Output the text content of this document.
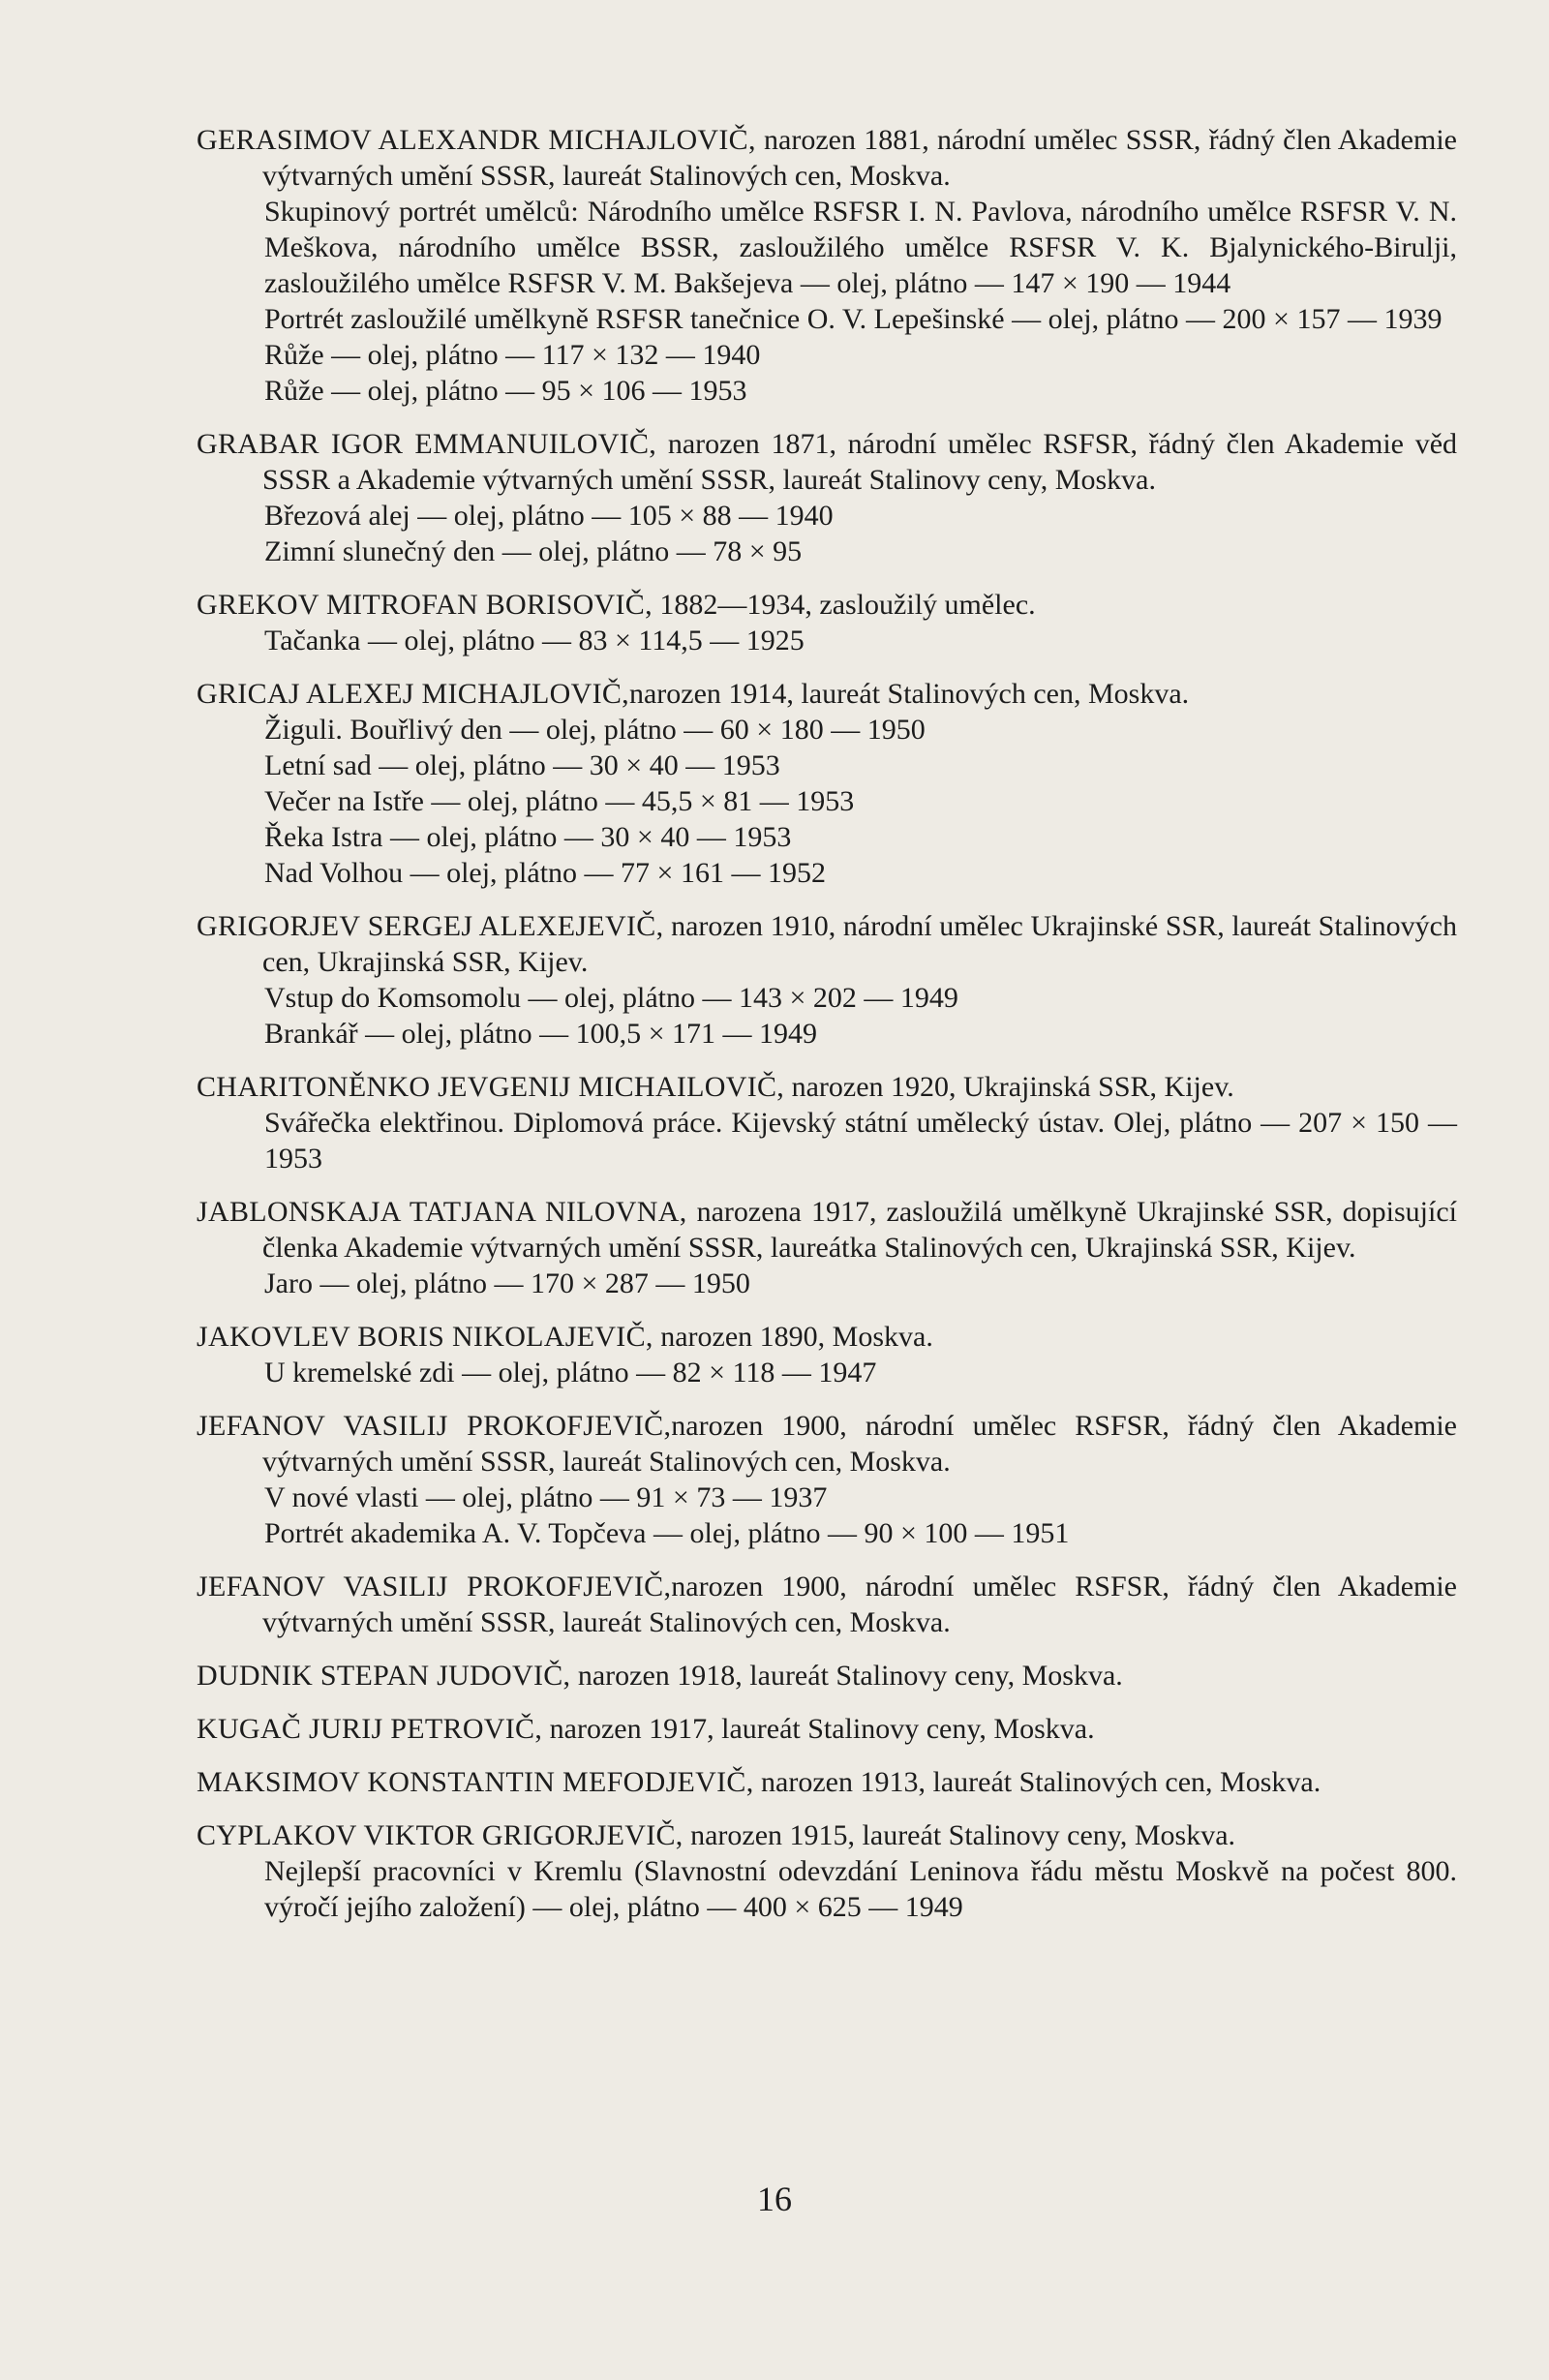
GERASIMOV ALEXANDR MICHAJLOVIČ, narozen 1881, národní umělec SSSR, řádný člen Akademie výtvarných umění SSSR, laureát Stalinových cen, Moskva.

Skupinový portrét umělců: Národního umělce RSFSR I. N. Pavlova, národního umělce RSFSR V. N. Meškova, národního umělce BSSR, zasloužilého umělce RSFSR V. K. Bjalynického-Birulji, zasloužilého umělce RSFSR V. M. Bakšejeva — olej, plátno — 147 × 190 — 1944

Portrét zasloužilé umělkyně RSFSR tanečnice O. V. Lepešinské — olej, plátno — 200 × 157 — 1939

Růže — olej, plátno — 117 × 132 — 1940

Růže — olej, plátno — 95 × 106 — 1953

GRABAR IGOR EMMANUILOVIČ, narozen 1871, národní umělec RSFSR, řádný člen Akademie věd SSSR a Akademie výtvarných umění SSSR, laureát Stalinovy ceny, Moskva.

Březová alej — olej, plátno — 105 × 88 — 1940

Zimní slunečný den — olej, plátno — 78 × 95

GREKOV MITROFAN BORISOVIČ, 1882—1934, zasloužilý umělec.

Tačanka — olej, plátno — 83 × 114,5 — 1925

GRICAJ ALEXEJ MICHAJLOVIČ,narozen 1914, laureát Stalinových cen, Moskva.

Žiguli. Bouřlivý den — olej, plátno — 60 × 180 — 1950

Letní sad — olej, plátno — 30 × 40 — 1953

Večer na Istře — olej, plátno — 45,5 × 81 — 1953

Řeka Istra — olej, plátno — 30 × 40 — 1953

Nad Volhou — olej, plátno — 77 × 161 — 1952

GRIGORJEV SERGEJ ALEXEJEVIČ, narozen 1910, národní umělec Ukrajinské SSR, laureát Stalinových cen, Ukrajinská SSR, Kijev.

Vstup do Komsomolu — olej, plátno — 143 × 202 — 1949

Brankář — olej, plátno — 100,5 × 171 — 1949

CHARITONĚNKO JEVGENIJ MICHAILOVIČ, narozen 1920, Ukrajinská SSR, Kijev.

Svářečka elektřinou. Diplomová práce. Kijevský státní umělecký ústav. Olej, plátno — 207 × 150 — 1953

JABLONSKAJA TATJANA NILOVNA, narozena 1917, zasloužilá umělkyně Ukrajinské SSR, dopisující členka Akademie výtvarných umění SSSR, laureátka Stalinových cen, Ukrajinská SSR, Kijev.

Jaro — olej, plátno — 170 × 287 — 1950

JAKOVLEV BORIS NIKOLAJEVIČ, narozen 1890, Moskva.

U kremelské zdi — olej, plátno — 82 × 118 — 1947

JEFANOV VASILIJ PROKOFJEVIČ,narozen 1900, národní umělec RSFSR, řádný člen Akademie výtvarných umění SSSR, laureát Stalinových cen, Moskva.

V nové vlasti — olej, plátno — 91 × 73 — 1937

Portrét akademika A. V. Topčeva — olej, plátno — 90 × 100 — 1951

JEFANOV VASILIJ PROKOFJEVIČ,narozen 1900, národní umělec RSFSR, řádný člen Akademie výtvarných umění SSSR, laureát Stalinových cen, Moskva.

DUDNIK STEPAN JUDOVIČ, narozen 1918, laureát Stalinovy ceny, Moskva.

KUGAČ JURIJ PETROVIČ, narozen 1917, laureát Stalinovy ceny, Moskva.

MAKSIMOV KONSTANTIN MEFODJEVIČ, narozen 1913, laureát Stalinových cen, Moskva.

CYPLAKOV VIKTOR GRIGORJEVIČ, narozen 1915, laureát Stalinovy ceny, Moskva.

Nejlepší pracovníci v Kremlu (Slavnostní odevzdání Leninova řádu městu Moskvě na počest 800. výročí jejího založení) — olej, plátno — 400 × 625 — 1949

16
